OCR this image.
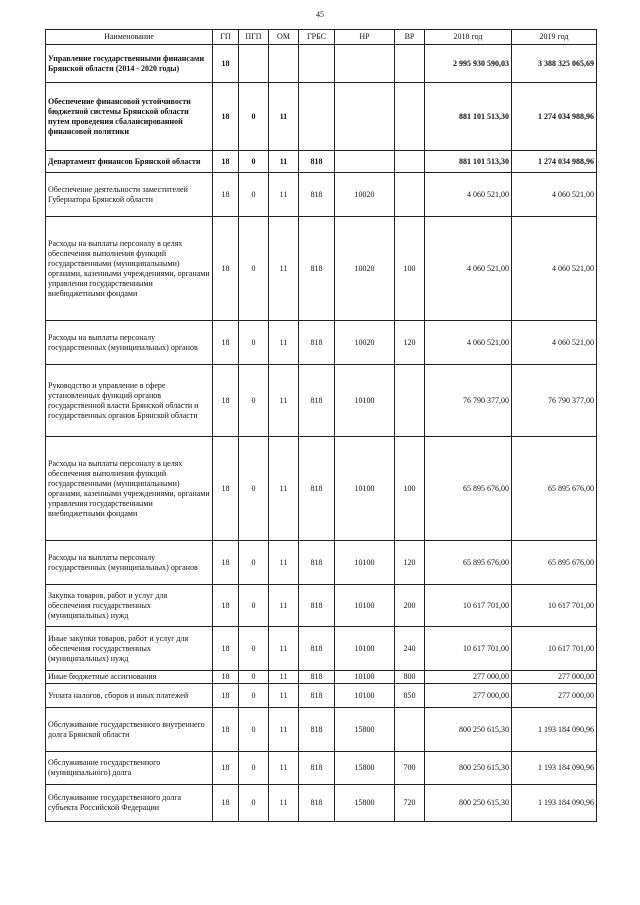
45
Наименование	ГП	ПГП	ОМ	ГРБС	НР	ВР	2018 год	2019 год
Управление государственными финансами Брянской области (2014 - 2020 годы)	18						2 995 930 590,03	3 388 325 065,69
Обеспечение финансовой устойчивости бюджетной системы Брянской области путем проведения сбалансированной финансовой политики	18	0	11				881 101 513,30	1 274 034 988,96
Департамент финансов Брянской области	18	0	11	818			881 101 513,30	1 274 034 988,96
Обеспечение деятельности заместителей Губернатора Брянской области	18	0	11	818	10020		4 060 521,00	4 060 521,00
Расходы на выплаты персоналу в целях обеспечения выполнения функций государственными (муниципальными) органами, казенными учреждениями, органами управления государственными внебюджетными фондами	18	0	11	818	10020	100	4 060 521,00	4 060 521,00
Расходы на выплаты персоналу государственных (муниципальных) органов	18	0	11	818	10020	120	4 060 521,00	4 060 521,00
Руководство и управление в сфере установленных функций органов государственной власти Брянской области и государственных органов Брянской области	18	0	11	818	10100		76 790 377,00	76 790 377,00
Расходы на выплаты персоналу в целях обеспечения выполнения функций государственными (муниципальными) органами, казенными учреждениями, органами управления государственными внебюджетными фондами	18	0	11	818	10100	100	65 895 676,00	65 895 676,00
Расходы на выплаты персоналу государственных (муниципальных) органов	18	0	11	818	10100	120	65 895 676,00	65 895 676,00
Закупка товаров, работ и услуг для обеспечения государственных (муниципальных) нужд	18	0	11	818	10100	200	10 617 701,00	10 617 701,00
Иные закупки товаров, работ и услуг для обеспечения государственных (муниципальных) нужд	18	0	11	818	10100	240	10 617 701,00	10 617 701,00
Иные бюджетные ассигнования	18	0	11	818	10100	800	277 000,00	277 000,00
Уплата налогов, сборов и иных платежей	18	0	11	818	10100	850	277 000,00	277 000,00
Обслуживание государственного внутреннего долга Брянской области	18	0	11	818	15800		800 250 615,30	1 193 184 090,96
Обслуживание государственного (муниципального) долга	18	0	11	818	15800	700	800 250 615,30	1 193 184 090,96
Обслуживание государственного долга субъекта Российской Федерации	18	0	11	818	15800	720	800 250 615,30	1 193 184 090,96
